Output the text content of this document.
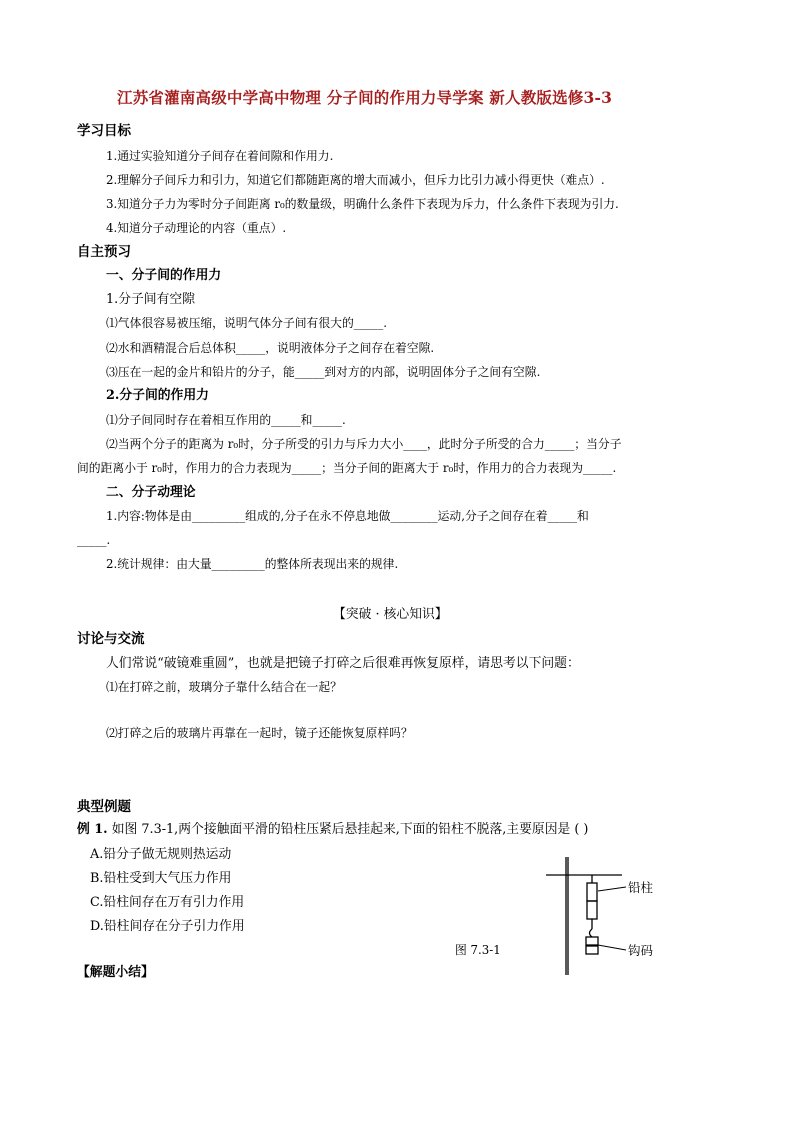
江苏省灌南高级中学高中物理 分子间的作用力导学案 新人教版选修3-3
学习目标
1.通过实验知道分子间存在着间隙和作用力.
2.理解分子间斥力和引力，知道它们都随距离的增大而减小，但斥力比引力减小得更快（难点）.
3.知道分子力为零时分子间距离 r₀的数量级，明确什么条件下表现为斥力，什么条件下表现为引力.
4.知道分子动理论的内容（重点）.
自主预习
一、分子间的作用力
1.分子间有空隙
⑴气体很容易被压缩，说明气体分子间有很大的_____.
⑵水和酒精混合后总体积_____，说明液体分子之间存在着空隙.
⑶压在一起的金片和铅片的分子，能_____到对方的内部，说明固体分子之间有空隙.
2.分子间的作用力
⑴分子间同时存在着相互作用的_____和_____.
⑵当两个分子的距离为 r₀时，分子所受的引力与斥力大小____，此时分子所受的合力_____；当分子
间的距离小于 r₀时，作用力的合力表现为_____；当分子间的距离大于 r₀时，作用力的合力表现为_____.
二、分子动理论
1.内容:物体是由_________组成的,分子在永不停息地做________运动,分子之间存在着_____和
_____.
2.统计规律：由大量_________的整体所表现出来的规律.
【突破 · 核心知识】
讨论与交流
人们常说“破镜难重圆”，也就是把镜子打碎之后很难再恢复原样，请思考以下问题：
⑴在打碎之前，玻璃分子靠什么结合在一起？
⑵打碎之后的玻璃片再靠在一起时，镜子还能恢复原样吗？
典型例题
例 1. 如图 7.3-1,两个接触面平滑的铅柱压紧后悬挂起来,下面的铅柱不脱落,主要原因是 ( )
A.铅分子做无规则热运动
B.铅柱受到大气压力作用
C.铅柱间存在万有引力作用
D.铅柱间存在分子引力作用
铅柱
钩码
图 7.3-1
【解题小结】
